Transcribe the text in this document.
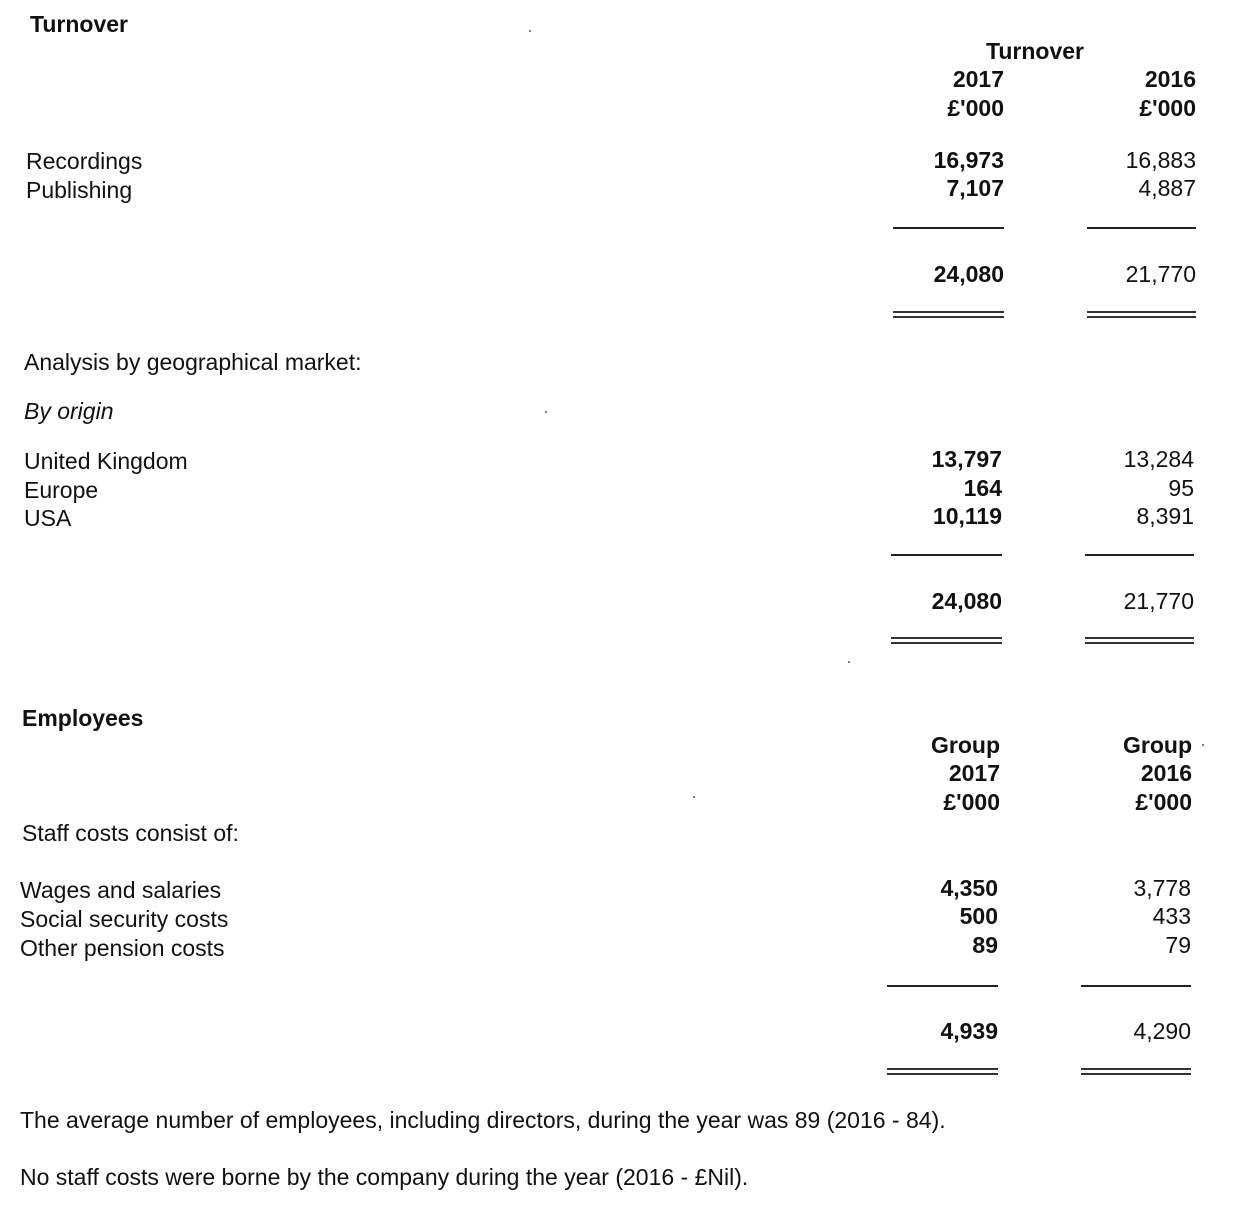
Turnover
Turnover
2017	2016
£'000	£'000
Recordings	16,973	16,883
Publishing	7,107	4,887
24,080	21,770
Analysis by geographical market:
By origin
United Kingdom	13,797	13,284
Europe	164	95
USA	10,119	8,391
24,080	21,770
Employees
Group	Group
2017	2016
£'000	£'000
Staff costs consist of:
Wages and salaries	4,350	3,778
Social security costs	500	433
Other pension costs	89	79
4,939	4,290
The average number of employees, including directors, during the year was 89 (2016 - 84).
No staff costs were borne by the company during the year (2016 - £Nil).
